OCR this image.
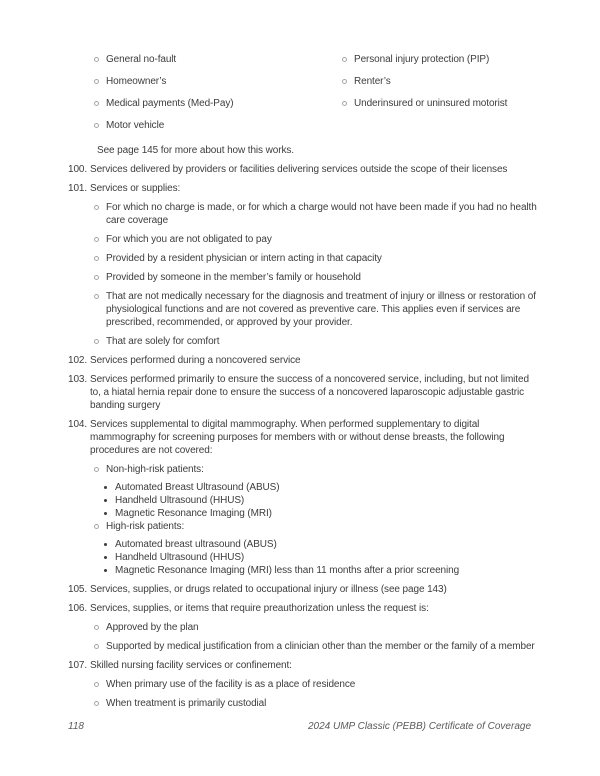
General no-fault
Homeowner’s
Medical payments (Med-Pay)
Motor vehicle
Personal injury protection (PIP)
Renter’s
Underinsured or uninsured motorist

See page 145 for more about how this works.

100. Services delivered by providers or facilities delivering services outside the scope of their licenses
101. Services or supplies:
For which no charge is made, or for which a charge would not have been made if you had no health care coverage
For which you are not obligated to pay
Provided by a resident physician or intern acting in that capacity
Provided by someone in the member’s family or household
That are not medically necessary for the diagnosis and treatment of injury or illness or restoration of physiological functions and are not covered as preventive care. This applies even if services are prescribed, recommended, or approved by your provider.
That are solely for comfort
102. Services performed during a noncovered service
103. Services performed primarily to ensure the success of a noncovered service, including, but not limited to, a hiatal hernia repair done to ensure the success of a noncovered laparoscopic adjustable gastric banding surgery
104. Services supplemental to digital mammography. When performed supplementary to digital mammography for screening purposes for members with or without dense breasts, the following procedures are not covered:
Non-high-risk patients:
Automated Breast Ultrasound (ABUS)
Handheld Ultrasound (HHUS)
Magnetic Resonance Imaging (MRI)
High-risk patients:
Automated breast ultrasound (ABUS)
Handheld Ultrasound (HHUS)
Magnetic Resonance Imaging (MRI) less than 11 months after a prior screening
105. Services, supplies, or drugs related to occupational injury or illness (see page 143)
106. Services, supplies, or items that require preauthorization unless the request is:
Approved by the plan
Supported by medical justification from a clinician other than the member or the family of a member
107. Skilled nursing facility services or confinement:
When primary use of the facility is as a place of residence
When treatment is primarily custodial
118	2024 UMP Classic (PEBB) Certificate of Coverage
